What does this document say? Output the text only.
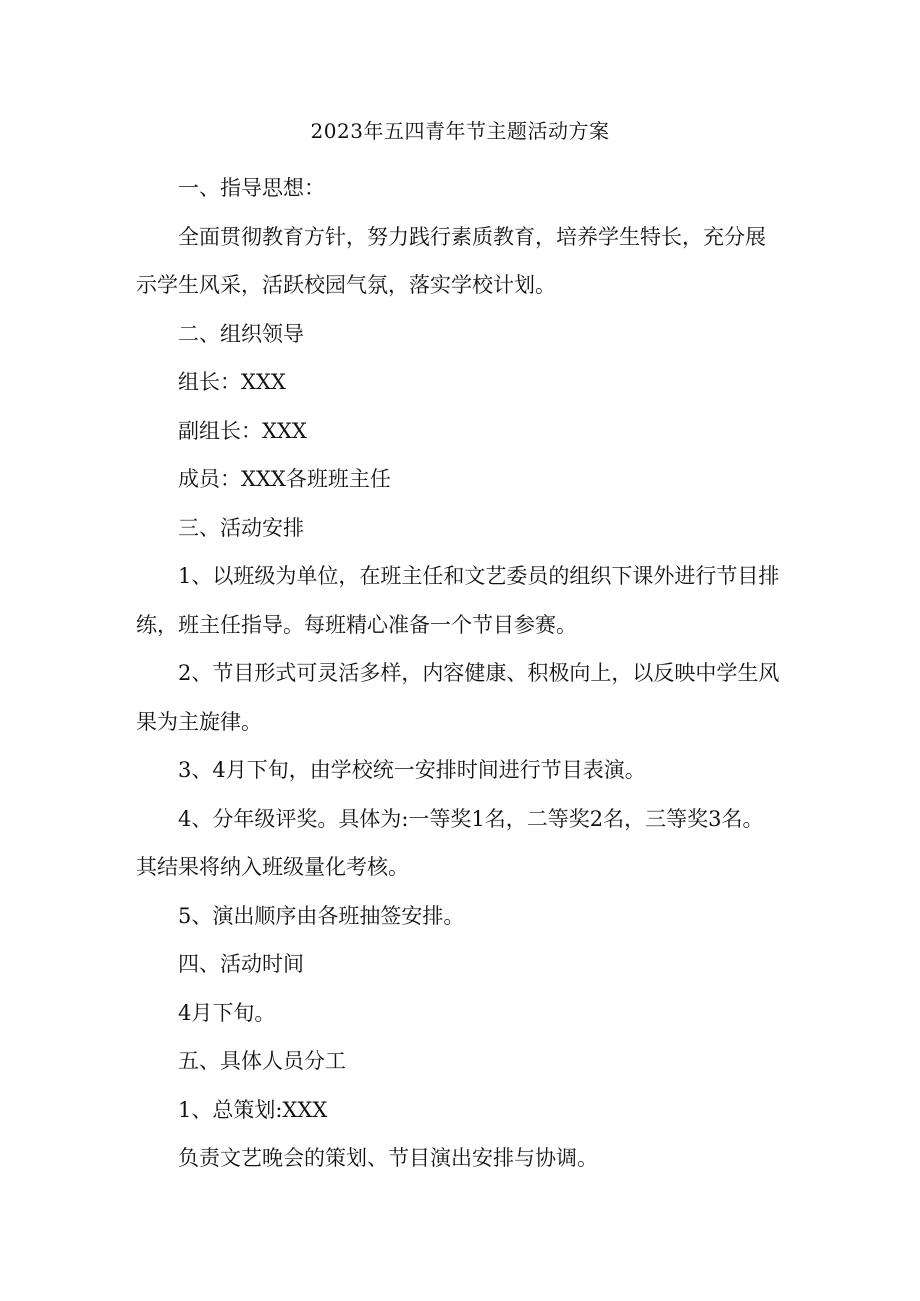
2023年五四青年节主题活动方案
一、指导思想：
全面贯彻教育方针，努力践行素质教育，培养学生特长，充分展
示学生风采，活跃校园气氛，落实学校计划。
二、组织领导
组长：XXX
副组长：XXX
成员：XXX各班班主任
三、活动安排
1、以班级为单位，在班主任和文艺委员的组织下课外进行节目排
练，班主任指导。每班精心准备一个节目参赛。
2、节目形式可灵活多样，内容健康、积极向上，以反映中学生风
果为主旋律。
3、4月下旬，由学校统一安排时间进行节目表演。
4、分年级评奖。具体为:一等奖1名，二等奖2名，三等奖3名。
其结果将纳入班级量化考核。
5、演出顺序由各班抽签安排。
四、活动时间
4月下旬。
五、具体人员分工
1、总策划:XXX
负责文艺晚会的策划、节目演出安排与协调。
